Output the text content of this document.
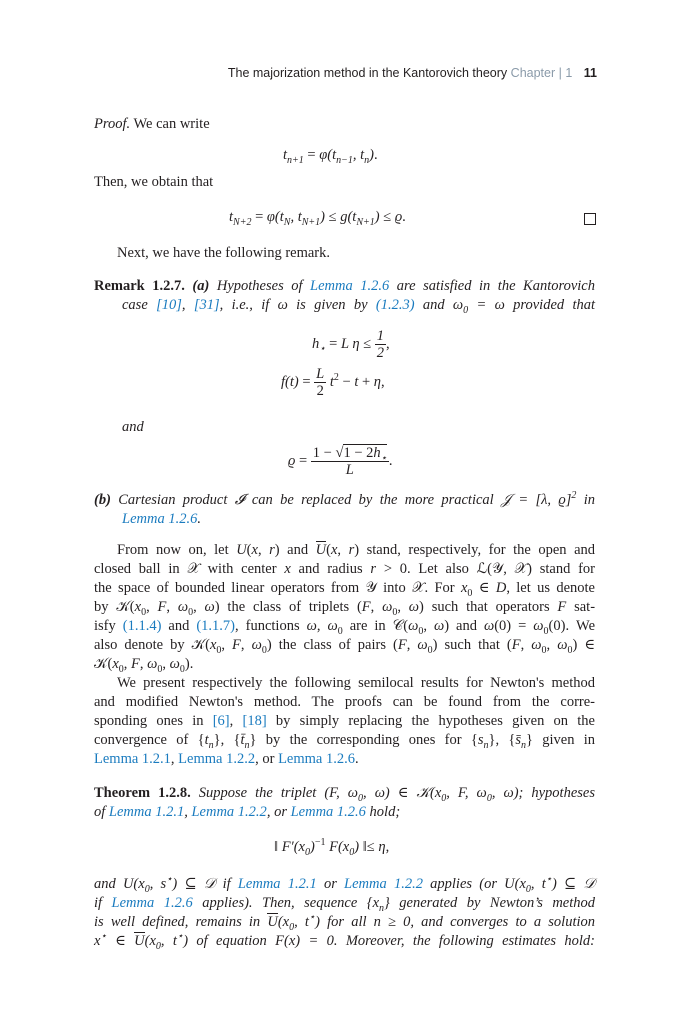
The majorization method in the Kantorovich theory Chapter | 1 11
Proof. We can write
$t_{n+1} = \varphi(t_{n-1}$, $t_n$).
Then, we obtain that
$t_{N+2} = \varphi(t_N$, $t_{N+1}) \le g(t_{N+1}) \le ϱ$.
Next, we have the following remark.
Remark 1.2.7. (a) Hypotheses of Lemma 1.2.6 are satisfied in the Kantorovich
case [10], [31], i.e., if ω is given by (1.2.3) and $\omega_0 = \omega$ provided that
$h_⋆ = L$ $\eta \le \frac{1}{2}$ ,
$f(t) = \frac{L}{2} t^2 - t + \eta$,
and
$ϱ = \frac{1 - √1 - 2h_⋆}{L}$ .
(b) Cartesian product 𝓘 can be replaced by the more practical 𝒥 = [λ, ϱ]$^2$ in
Lemma 1.2.6.
From now on, let U(x, r) and U(x, r) stand, respectively, for the open and
closed ball in 𝒳 with center x and radius r > 0. Let also ℒ(𝒴, 𝒳) stand for
the space of bounded linear operators from 𝒴 into 𝒳. For $x_0$ ∈ D, let us denote
by $𝒦(x_0$, F, $\omega_0$, ω) the class of triplets (F, $\omega_0$, ω) such that operators F sat-
isfy (1.1.4) and (1.1.7), functions ω, $\omega_0$ are in $𝒞(\omega_0$, ω) and $\omega(0) = \omega_0(0)$. We
also denote by $𝒦(x_0$, F, $\omega_0$) the class of pairs (F, $\omega_0$) such that (F, $\omega_0$, $\omega_0$) ∈
$𝒦(x_0$, F, $\omega_0$, $\omega_0$).
We present respectively the following semilocal results for Newton's method
and modified Newton's method. The proofs can be found from the corre-
sponding ones in [6], [18] by simply replacing the hypotheses given on the
convergence of $\{t_n\}$, $\{t̄_n\}$ by the corresponding ones for $\{s_n\}$, $\{s̄_n\}$ given in
Lemma 1.2.1, Lemma 1.2.2, or Lemma 1.2.6.
Theorem 1.2.8. Suppose the triplet (F, $\omega_0$, ω) ∈ $𝒦(x_0$, F, $\omega_0$, ω); hypotheses
of Lemma 1.2.1, Lemma 1.2.2, or Lemma 1.2.6 hold;
‖ $F'(x_0)^{-1}$ $F(x_0)$ ‖≤ η,
and $U(x_0$, s⋆) ⊆ 𝒟 if Lemma 1.2.1 or Lemma 1.2.2 applies (or $U(x_0$, t⋆) ⊆ 𝒟
if Lemma 1.2.6 applies). Then, sequence $\{x_n\}$ generated by Newton’s method
is well defined, remains in $U(x_0$, t⋆) for all n ≥ 0, and converges to a solution
x⋆ ∈ $U(x_0$, t⋆) of equation F(x) = 0. Moreover, the following estimates hold:
